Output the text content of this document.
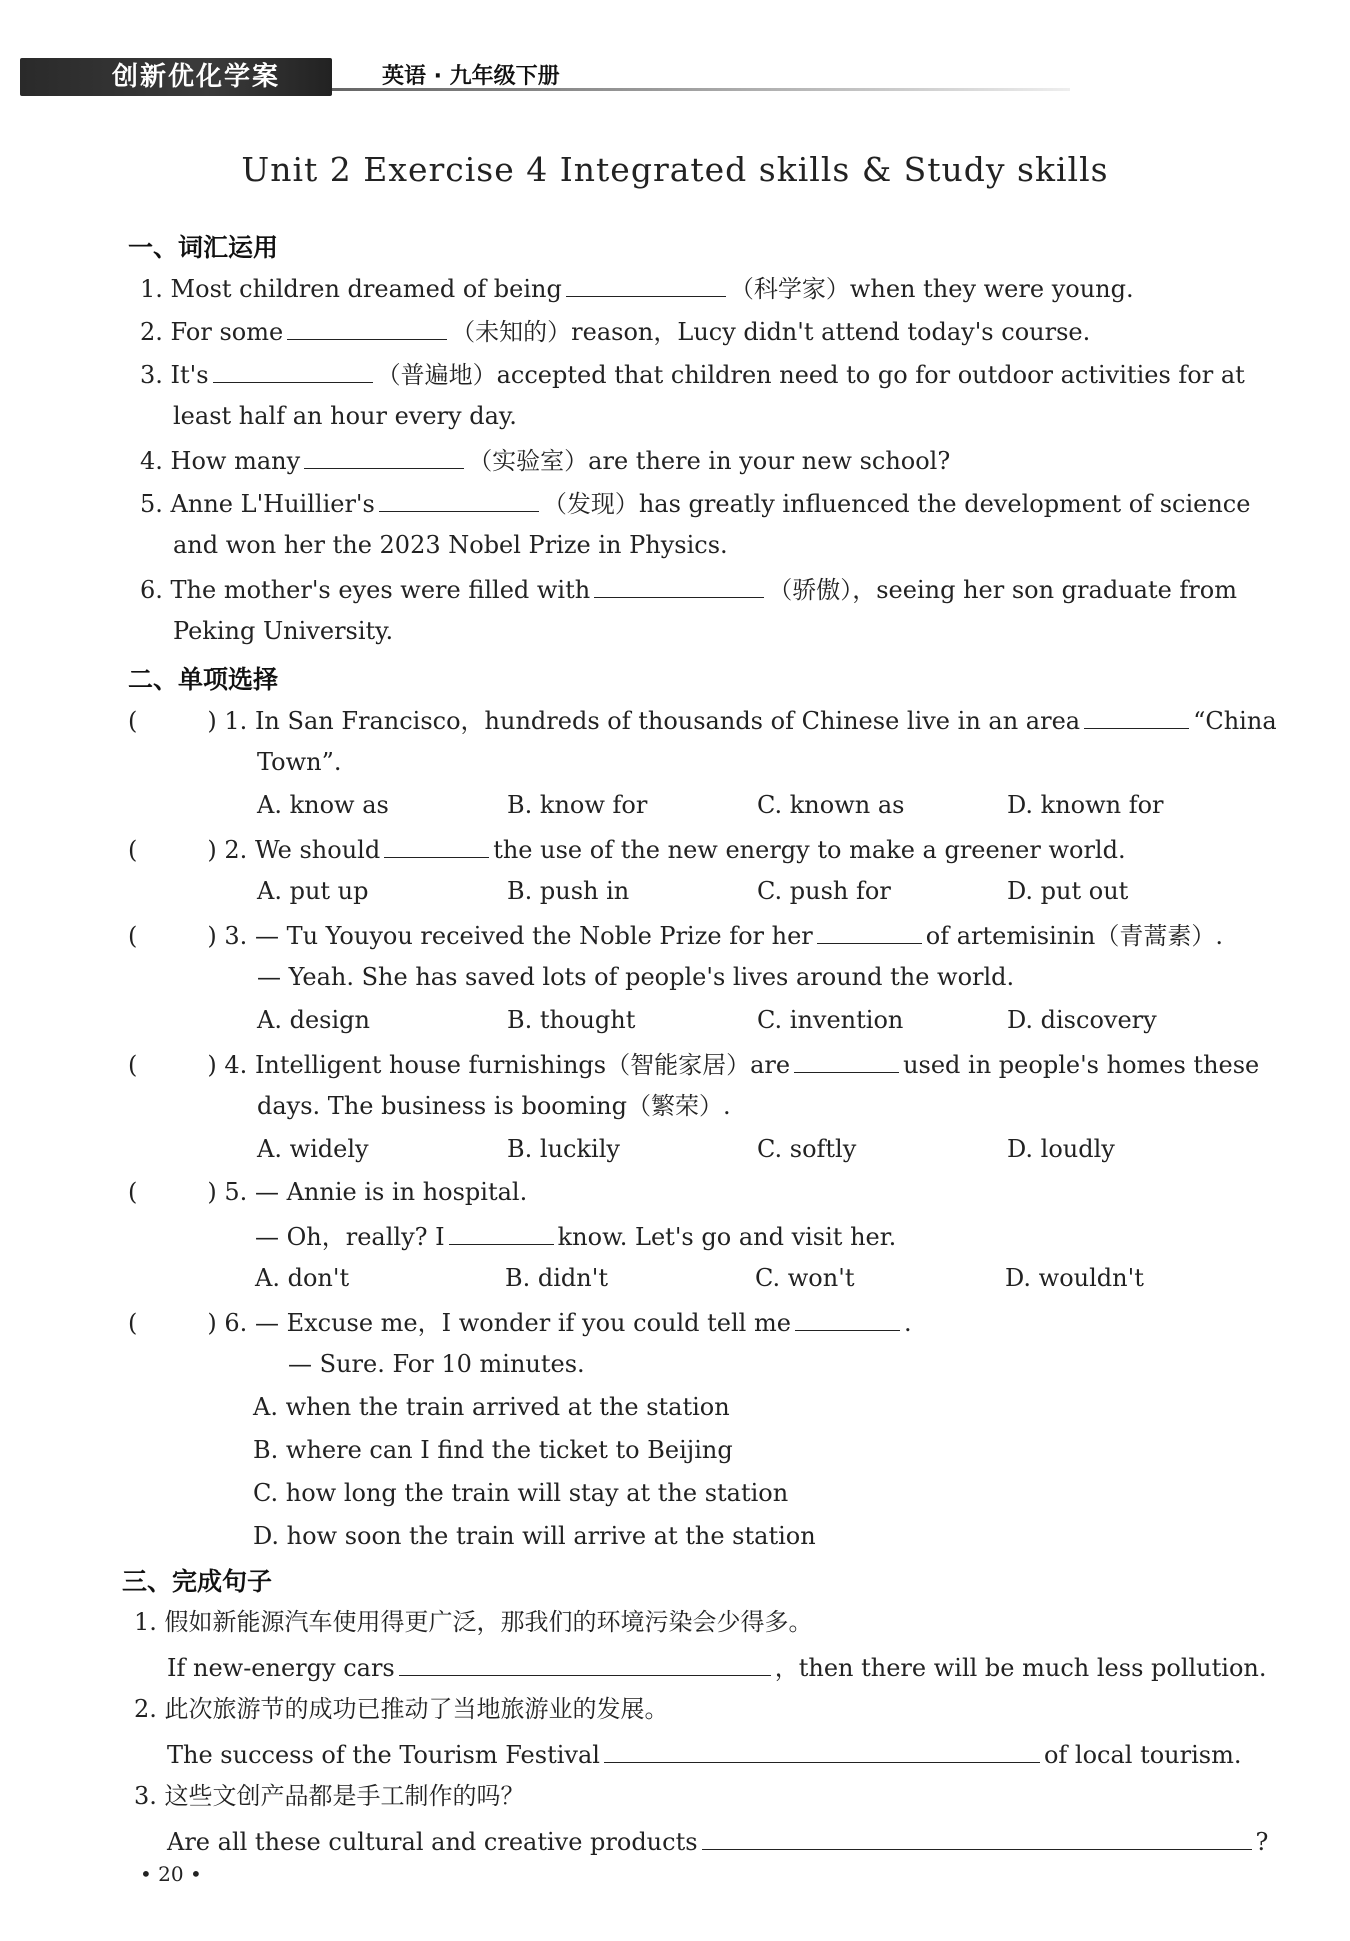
创新优化学案	英语 · 九年级下册
Unit 2 Exercise 4 Integrated skills & Study skills
一、词汇运用
1. Most children dreamed of being	（科学家）when they were young.
2. For some	（未知的）reason，Lucy didn't attend today's course.
3. It's	（普遍地）accepted that children need to go for outdoor activities for at
least half an hour every day.
4. How many	（实验室）are there in your new school?
5. Anne L'Huillier's	（发现）has greatly influenced the development of science
and won her the 2023 Nobel Prize in Physics.
6. The mother's eyes were filled with	（骄傲），seeing her son graduate from
Peking University.
二、单项选择
(	) 1. In San Francisco，hundreds of thousands of Chinese live in an area	“China
Town”.
A. know as	B. know for	C. known as	D. known for
(	) 2. We should	the use of the new energy to make a greener world.
A. put up	B. push in	C. push for	D. put out
(	) 3. — Tu Youyou received the Noble Prize for her	of artemisinin（青蒿素）.
— Yeah. She has saved lots of people's lives around the world.
A. design	B. thought	C. invention	D. discovery
(	) 4. Intelligent house furnishings（智能家居）are	used in people's homes these
days. The business is booming（繁荣）.
A. widely	B. luckily	C. softly	D. loudly
(	) 5. — Annie is in hospital.
— Oh，really? I	know. Let's go and visit her.
A. don't	B. didn't	C. won't	D. wouldn't
(	) 6. — Excuse me，I wonder if you could tell me	.
— Sure. For 10 minutes.
A. when the train arrived at the station
B. where can I find the ticket to Beijing
C. how long the train will stay at the station
D. how soon the train will arrive at the station
三、完成句子
1. 假如新能源汽车使用得更广泛，那我们的环境污染会少得多。
If new-energy cars	，then there will be much less pollution.
2. 此次旅游节的成功已推动了当地旅游业的发展。
The success of the Tourism Festival	of local tourism.
3. 这些文创产品都是手工制作的吗？
Are all these cultural and creative products	?
• 20 •
